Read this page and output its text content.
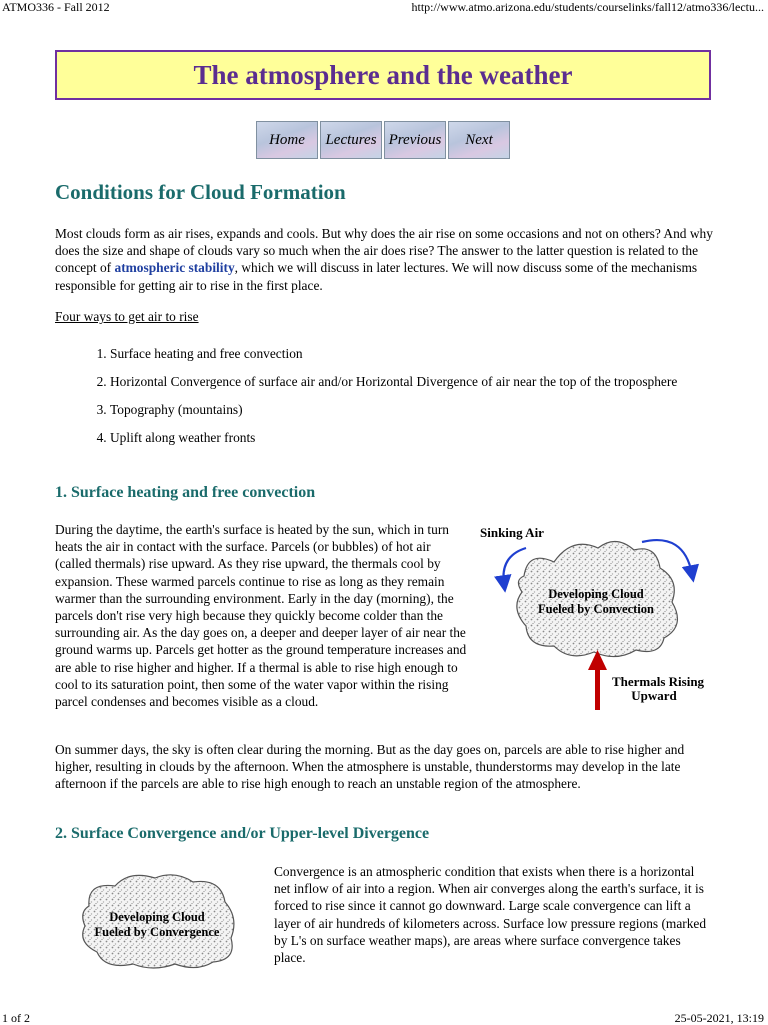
ATMO336 - Fall 2012	http://www.atmo.arizona.edu/students/courselinks/fall12/atmo336/lectu...
The atmosphere and the weather
Home	Lectures Previous	Next
Conditions for Cloud Formation

Most clouds form as air rises, expands and cools. But why does the air rise on some occasions and not on others? And why does the size and shape of clouds vary so much when the air does rise? The answer to the latter question is related to the concept of atmospheric stability, which we will discuss in later lectures. We will now discuss some of the mechanisms responsible for getting air to rise in the first place.

Four ways to get air to rise

1. Surface heating and free convection
2. Horizontal Convergence of surface air and/or Horizontal Divergence of air near the top of the troposphere
3. Topography (mountains)
4. Uplift along weather fronts
1. Surface heating and free convection

During the daytime, the earth's surface is heated by the sun, which in turn heats the air in contact with the surface. Parcels (or bubbles) of hot air (called thermals) rise upward. As they rise upward, the thermals cool by expansion. These warmed parcels continue to rise as long as they remain warmer than the surrounding environment. Early in the day (morning), the parcels don't rise very high because they quickly become colder than the surrounding air. As the day goes on, a deeper and deeper layer of air near the ground warms up. Parcels get hotter as the ground temperature increases and are able to rise higher and higher. If a thermal is able to rise high enough to cool to its saturation point, then some of the water vapor within the rising parcel condenses and becomes visible as a cloud.

Sinking Air
Developing Cloud
Fueled by Convection
Thermals Rising
Upward

On summer days, the sky is often clear during the morning. But as the day goes on, parcels are able to rise higher and higher, resulting in clouds by the afternoon. When the atmosphere is unstable, thunderstorms may develop in the late afternoon if the parcels are able to rise high enough to reach an unstable region of the atmosphere.

2. Surface Convergence and/or Upper-level Divergence
Developing Cloud
Fueled by Convergence

Convergence is an atmospheric condition that exists when there is a horizontal net inflow of air into a region. When air converges along the earth's surface, it is forced to rise since it cannot go downward. Large scale convergence can lift a layer of air hundreds of kilometers across. Surface low pressure regions (marked by L's on surface weather maps), are areas where surface convergence takes place.

1 of 2	25-05-2021, 13:19
